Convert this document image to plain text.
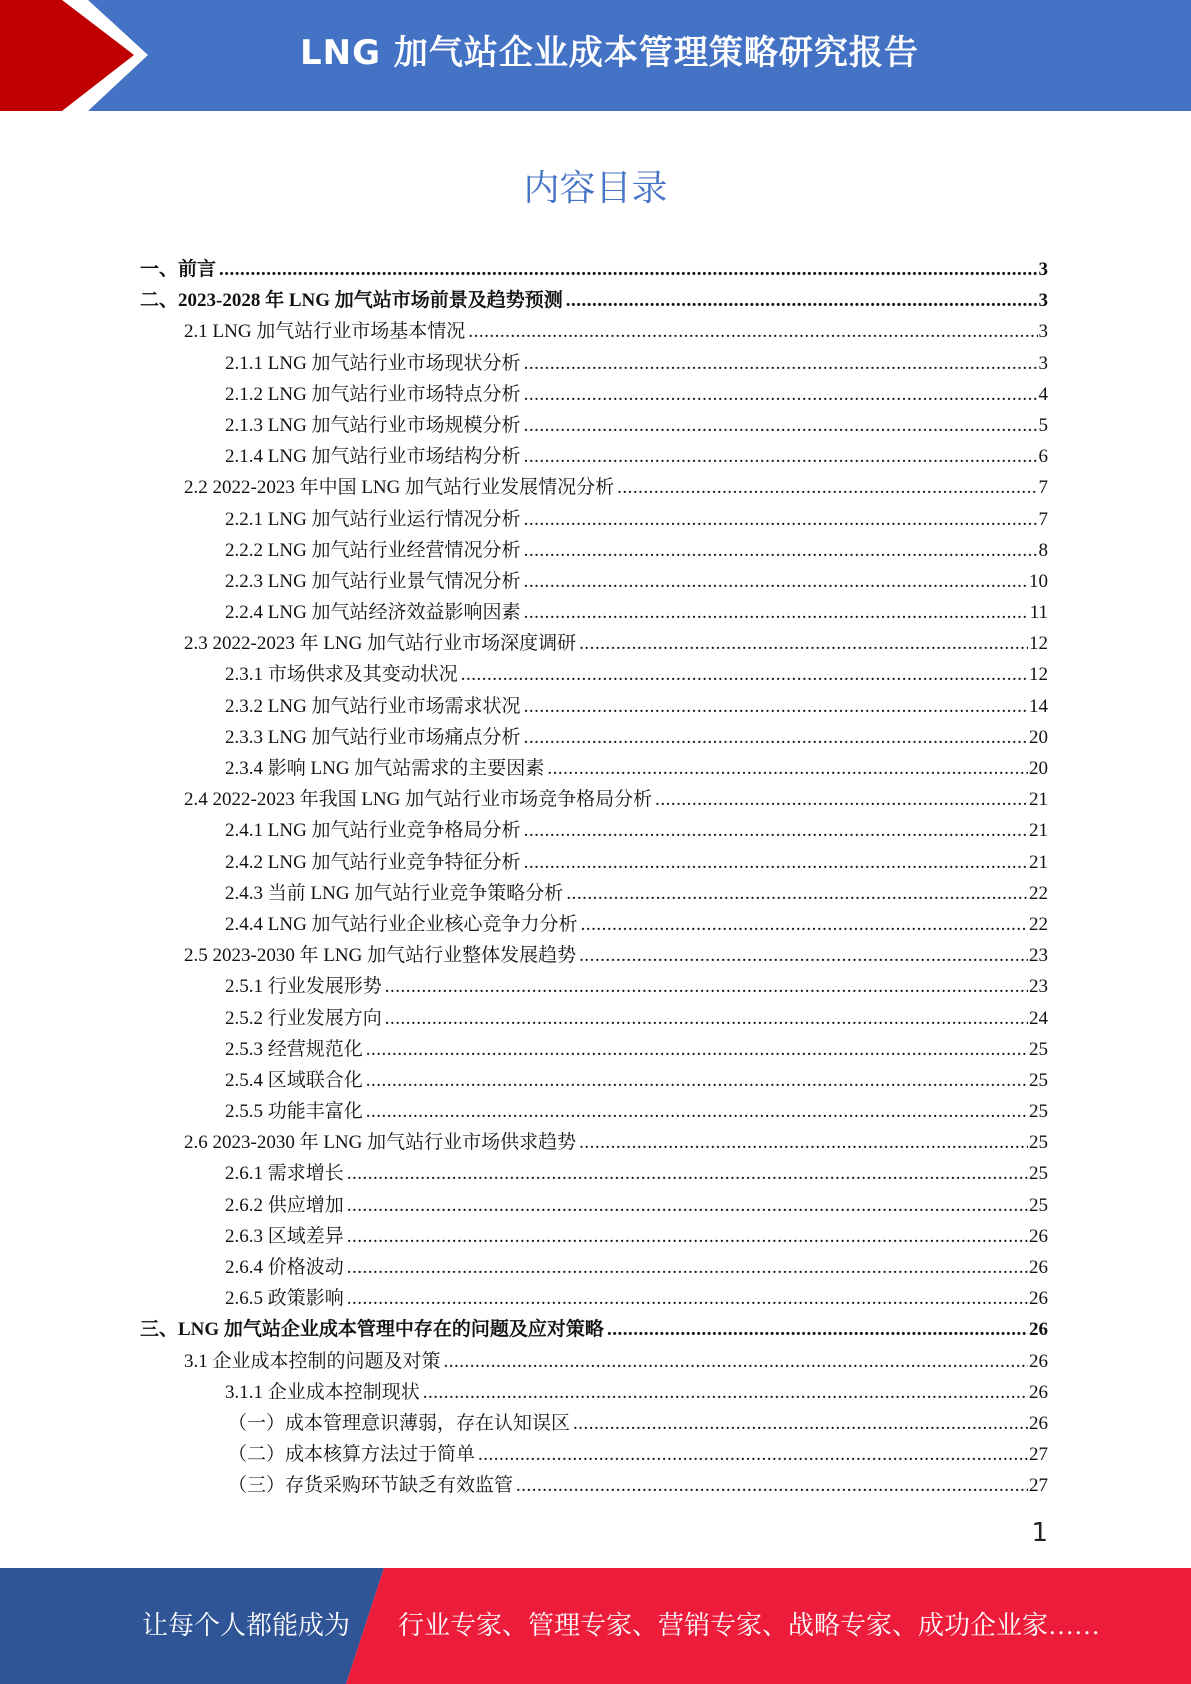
LNG 加气站企业成本管理策略研究报告
内容目录
一、前言 .....	3
二、2023-2028 年 LNG 加气站市场前景及趋势预测 .....	3
2.1 LNG 加气站行业市场基本情况 .....	3
2.1.1 LNG 加气站行业市场现状分析 .....	3
2.1.2 LNG 加气站行业市场特点分析 .....	4
2.1.3 LNG 加气站行业市场规模分析 .....	5
2.1.4 LNG 加气站行业市场结构分析 .....	6
2.2 2022-2023 年中国 LNG 加气站行业发展情况分析 .....	7
2.2.1 LNG 加气站行业运行情况分析 .....	7
2.2.2 LNG 加气站行业经营情况分析 .....	8
2.2.3 LNG 加气站行业景气情况分析 .....	10
2.2.4 LNG 加气站经济效益影响因素 .....	11
2.3 2022-2023 年 LNG 加气站行业市场深度调研 .....	12
2.3.1 市场供求及其变动状况 .....	12
2.3.2 LNG 加气站行业市场需求状况 .....	14
2.3.3 LNG 加气站行业市场痛点分析 .....	20
2.3.4 影响 LNG 加气站需求的主要因素 .....	20
2.4 2022-2023 年我国 LNG 加气站行业市场竞争格局分析 .....	21
2.4.1 LNG 加气站行业竞争格局分析 .....	21
2.4.2 LNG 加气站行业竞争特征分析 .....	21
2.4.3 当前 LNG 加气站行业竞争策略分析 .....	22
2.4.4 LNG 加气站行业企业核心竞争力分析 .....	22
2.5 2023-2030 年 LNG 加气站行业整体发展趋势 .....	23
2.5.1 行业发展形势 .....	23
2.5.2 行业发展方向 .....	24
2.5.3 经营规范化 .....	25
2.5.4 区域联合化 .....	25
2.5.5 功能丰富化 .....	25
2.6 2023-2030 年 LNG 加气站行业市场供求趋势 .....	25
2.6.1 需求增长 .....	25
2.6.2 供应增加 .....	25
2.6.3 区域差异 .....	26
2.6.4 价格波动 .....	26
2.6.5 政策影响 .....	26
三、LNG 加气站企业成本管理中存在的问题及应对策略 .....	26
3.1 企业成本控制的问题及对策 .....	26
3.1.1 企业成本控制现状 .....	26
（一）成本管理意识薄弱，存在认知误区 .....	26
（二）成本核算方法过于简单 .....	27
（三）存货采购环节缺乏有效监管 .....	27
1
让每个人都能成为 行业专家、管理专家、营销专家、战略专家、成功企业家……
